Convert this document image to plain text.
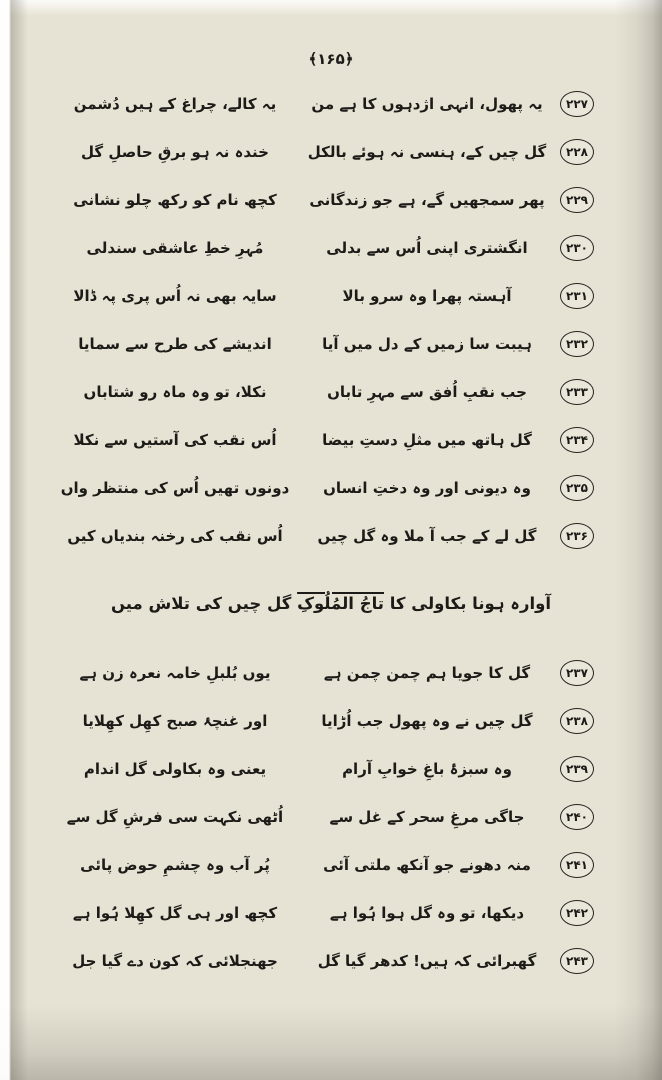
﴿۱۶۵﴾
۲۲۷
یہ پھول، انہی اژدہوں کا ہے من
یہ کالے، چراغ کے ہیں دُشمن
۲۲۸
گل چیں کے، ہنسی نہ ہوئے بالکل
خندہ نہ ہو برقِ حاصلِ گل
۲۲۹
پھر سمجھیں گے، ہے جو زندگانی
کچھ نام کو رکھ چلو نشانی
۲۳۰
انگشتری اپنی اُس سے بدلی
مُہرِ خطِ عاشقی سندلی
۲۳۱
آہستہ پھرا وہ سرو بالا
سایہ بھی نہ اُس پری پہ ڈالا
۲۳۲
ہیبت سا زمیں کے دل میں آیا
اندیشے کی طرح سے سمایا
۲۳۳
جب نقبِ اُفق سے مہرِ تاباں
نکلا، تو وہ ماہ رو شتاباں
۲۳۴
گل ہاتھ میں مثلِ دستِ بیضا
اُس نقب کی آستیں سے نکلا
۲۳۵
وہ دیونی اور وہ دختِ انساں
دونوں تھیں اُس کی منتظر واں
۲۳۶
گل لے کے جب آ ملا وہ گل چیں
اُس نقب کی رخنہ بندیاں کیں
آوارہ ہونا بکاولی کا تاجُ المُلُوکِ گل چیں کی تلاش میں
۲۳۷
گل کا جویا ہم چمن چمن ہے
یوں بُلبلِ خامہ نعرہ زن ہے
۲۳۸
گل چیں نے وہ پھول جب اُڑایا
اور غنچۂ صبح کھِل کھِلایا
۲۳۹
وہ سبزۂ باغِ خوابِ آرام
یعنی وہ بکاولی گل اندام
۲۴۰
جاگی مرغِ سحر کے غل سے
اُٹھی نکہت سی فرشِ گل سے
۲۴۱
منہ دھونے جو آنکھ ملتی آئی
پُر آب وہ چشمِ حوض پائی
۲۴۲
دیکھا، تو وہ گل ہوا ہُوا ہے
کچھ اور ہی گل کھِلا ہُوا ہے
۲۴۳
گھبرائی کہ ہیں! کدھر گیا گل
جھنجلائی کہ کون دے گیا جل
